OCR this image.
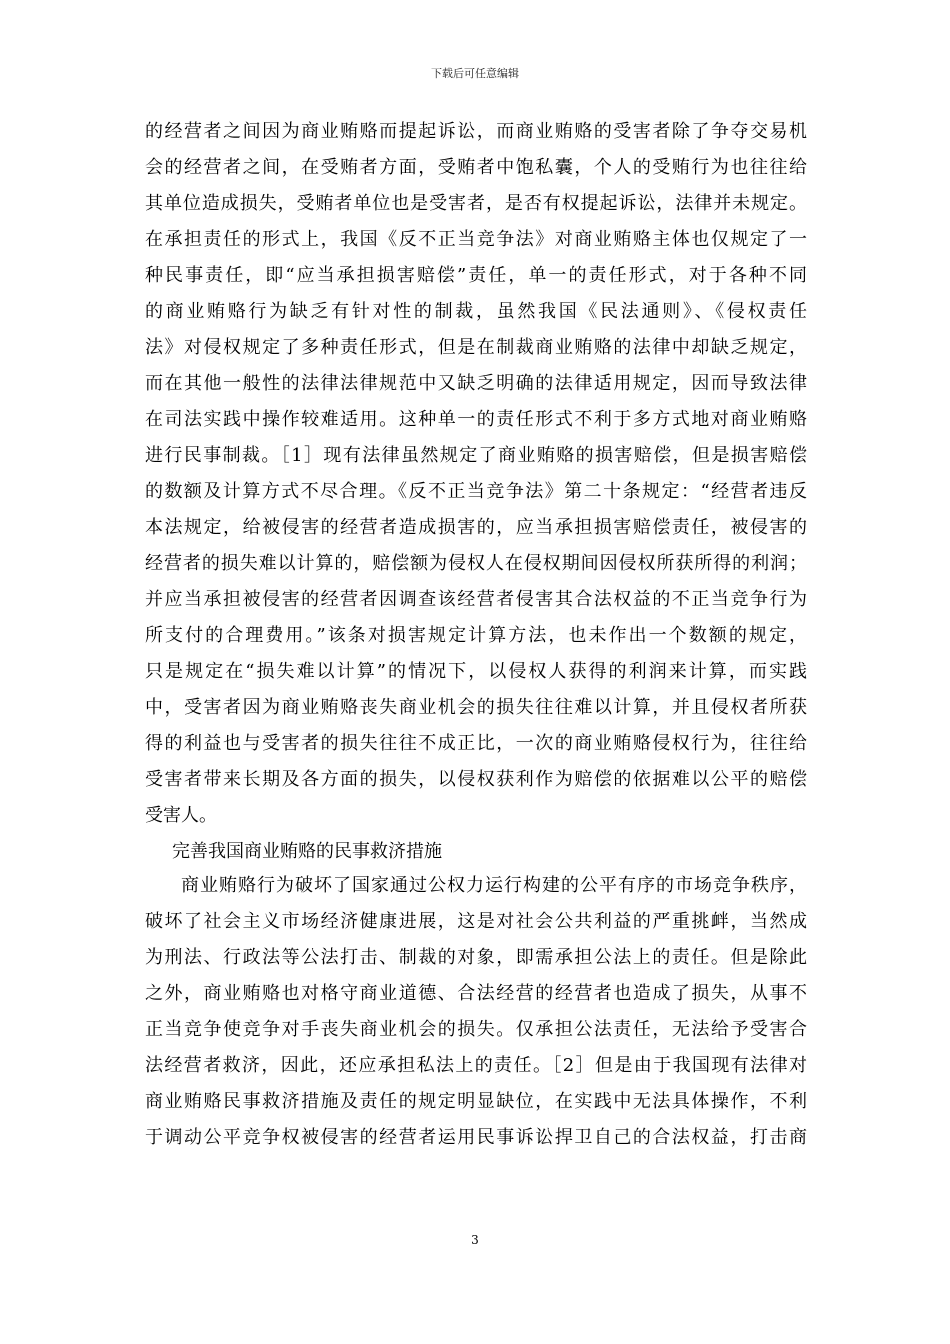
下载后可任意编辑
的经营者之间因为商业贿赂而提起诉讼，而商业贿赂的受害者除了争夺交易机
会的经营者之间，在受贿者方面，受贿者中饱私囊，个人的受贿行为也往往给
其单位造成损失，受贿者单位也是受害者，是否有权提起诉讼，法律并未规定。
在承担责任的形式上，我国《反不正当竞争法》对商业贿赂主体也仅规定了一
种民事责任，即“应当承担损害赔偿”责任，单一的责任形式，对于各种不同
的商业贿赂行为缺乏有针对性的制裁，虽然我国《民法通则》、《侵权责任
法》对侵权规定了多种责任形式，但是在制裁商业贿赂的法律中却缺乏规定，
而在其他一般性的法律法律规范中又缺乏明确的法律适用规定，因而导致法律
在司法实践中操作较难适用。这种单一的责任形式不利于多方式地对商业贿赂
进行民事制裁。［1］现有法律虽然规定了商业贿赂的损害赔偿，但是损害赔偿
的数额及计算方式不尽合理。《反不正当竞争法》第二十条规定：“经营者违反
本法规定，给被侵害的经营者造成损害的，应当承担损害赔偿责任，被侵害的
经营者的损失难以计算的，赔偿额为侵权人在侵权期间因侵权所获所得的利润；
并应当承担被侵害的经营者因调查该经营者侵害其合法权益的不正当竞争行为
所支付的合理费用。”该条对损害规定计算方法，也未作出一个数额的规定，
只是规定在“损失难以计算”的情况下，以侵权人获得的利润来计算，而实践
中，受害者因为商业贿赂丧失商业机会的损失往往难以计算，并且侵权者所获
得的利益也与受害者的损失往往不成正比，一次的商业贿赂侵权行为，往往给
受害者带来长期及各方面的损失，以侵权获利作为赔偿的依据难以公平的赔偿
受害人。
完善我国商业贿赂的民事救济措施
商业贿赂行为破坏了国家通过公权力运行构建的公平有序的市场竞争秩序，
破坏了社会主义市场经济健康进展，这是对社会公共利益的严重挑衅，当然成
为刑法、行政法等公法打击、制裁的对象，即需承担公法上的责任。但是除此
之外，商业贿赂也对格守商业道德、合法经营的经营者也造成了损失，从事不
正当竞争使竞争对手丧失商业机会的损失。仅承担公法责任，无法给予受害合
法经营者救济，因此，还应承担私法上的责任。［2］但是由于我国现有法律对
商业贿赂民事救济措施及责任的规定明显缺位，在实践中无法具体操作，不利
于调动公平竞争权被侵害的经营者运用民事诉讼捍卫自己的合法权益，打击商
3
